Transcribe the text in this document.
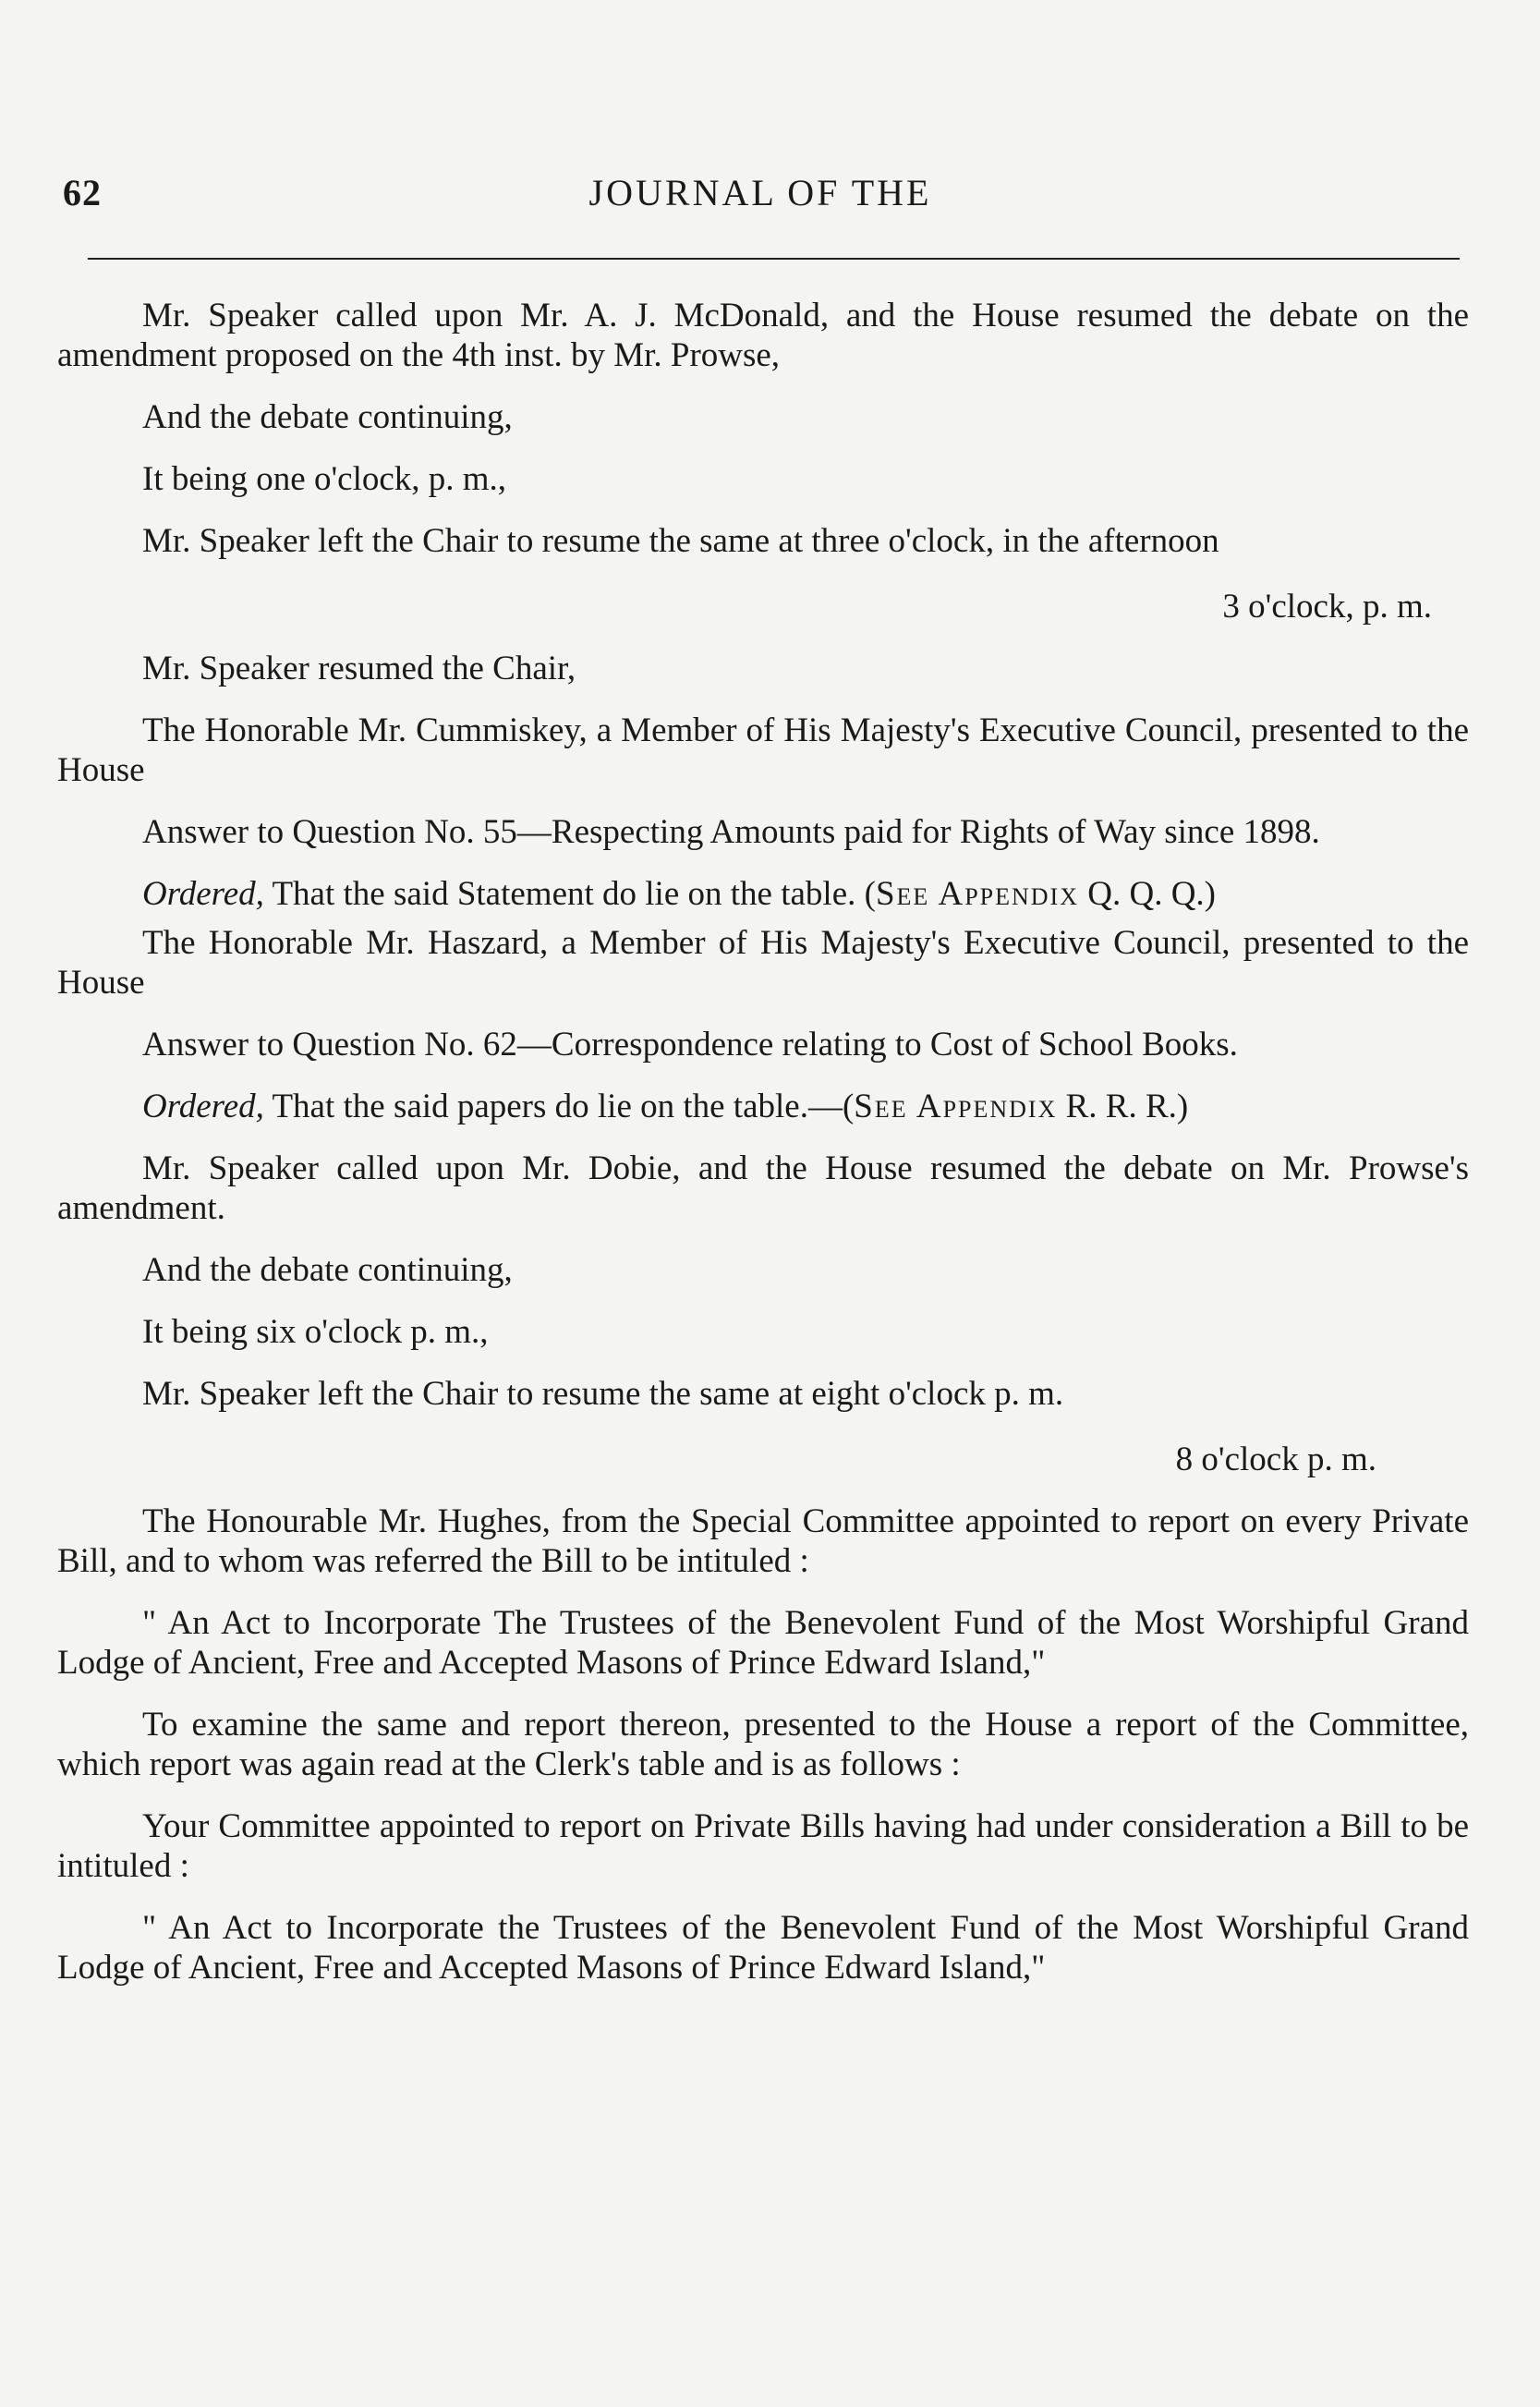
62	JOURNAL OF THE

Mr. Speaker called upon Mr. A. J. McDonald, and the House resumed the debate on the amendment proposed on the 4th inst. by Mr. Prowse,

And the debate continuing,

It being one o'clock, p. m.,

Mr. Speaker left the Chair to resume the same at three o'clock, in the afternoon

3 o'clock, p. m.

Mr. Speaker resumed the Chair,

The Honorable Mr. Cummiskey, a Member of His Majesty's Executive Council, presented to the House

Answer to Question No. 55—Respecting Amounts paid for Rights of Way since 1898.

Ordered, That the said Statement do lie on the table. (See Appendix Q. Q. Q.)

The Honorable Mr. Haszard, a Member of His Majesty's Executive Council, presented to the House

Answer to Question No. 62—Correspondence relating to Cost of School Books.

Ordered, That the said papers do lie on the table.—(See Appendix R. R. R.)

Mr. Speaker called upon Mr. Dobie, and the House resumed the debate on Mr. Prowse's amendment.

And the debate continuing,

It being six o'clock p. m.,

Mr. Speaker left the Chair to resume the same at eight o'clock p. m.

8 o'clock p. m.

The Honourable Mr. Hughes, from the Special Committee appointed to report on every Private Bill, and to whom was referred the Bill to be intituled :

" An Act to Incorporate The Trustees of the Benevolent Fund of the Most Worshipful Grand Lodge of Ancient, Free and Accepted Masons of Prince Edward Island,"

To examine the same and report thereon, presented to the House a report of the Committee, which report was again read at the Clerk's table and is as follows :

Your Committee appointed to report on Private Bills having had under consideration a Bill to be intituled :

" An Act to Incorporate the Trustees of the Benevolent Fund of the Most Worshipful Grand Lodge of Ancient, Free and Accepted Masons of Prince Edward Island,"
